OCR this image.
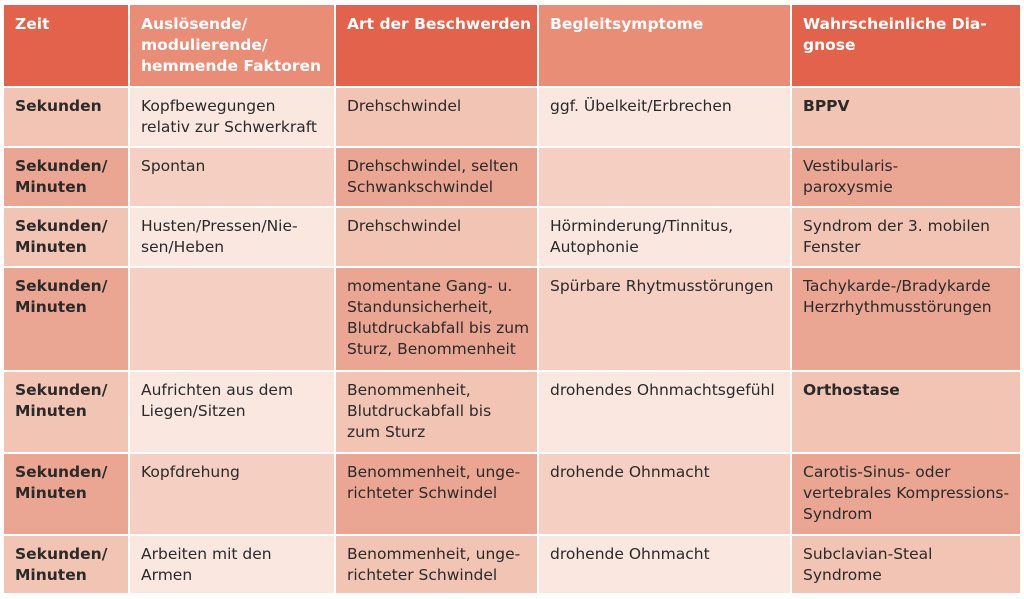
Zeit	Auslösende/
modulierende/
hemmende Faktoren	Art der Beschwerden	Begleitsymptome	Wahrscheinliche Dia-
gnose
Sekunden	Kopfbewegungen
relativ zur Schwerkraft	Drehschwindel	ggf. Übelkeit/Erbrechen	BPPV
Sekunden/
Minuten	Spontan	Drehschwindel, selten
Schwankschwindel		Vestibularis-
paroxysmie
Sekunden/
Minuten	Husten/Pressen/Nie-
sen/Heben	Drehschwindel	Hörminderung/Tinnitus,
Autophonie	Syndrom der 3. mobilen
Fenster
Sekunden/
Minuten		momentane Gang- u.
Standunsicherheit,
Blutdruckabfall bis zum
Sturz, Benommenheit	Spürbare Rhytmusstörungen	Tachykarde-/Bradykarde
Herzrhythmusstörungen
Sekunden/
Minuten	Aufrichten aus dem
Liegen/Sitzen	Benommenheit,
Blutdruckabfall bis
zum Sturz	drohendes Ohnmachtsgefühl	Orthostase
Sekunden/
Minuten	Kopfdrehung	Benommenheit, unge-
richteter Schwindel	drohende Ohnmacht	Carotis-Sinus- oder
vertebrales Kompressions-
Syndrom
Sekunden/
Minuten	Arbeiten mit den
Armen	Benommenheit, unge-
richteter Schwindel	drohende Ohnmacht	Subclavian-Steal
Syndrome
